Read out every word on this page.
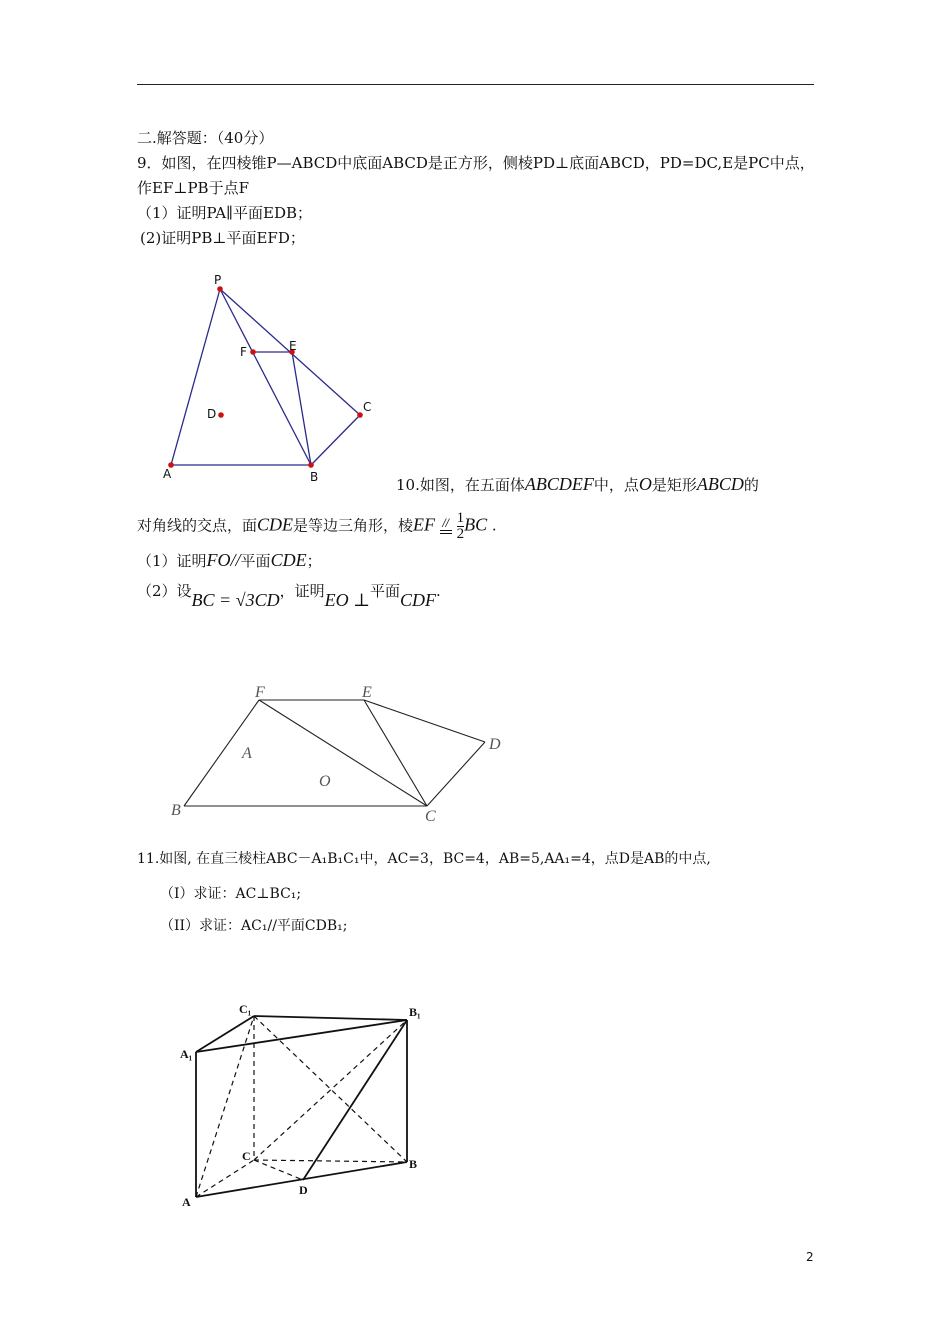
二.解答题：（40分）
9．如图，在四棱锥P—ABCD中底面ABCD是正方形，侧棱PD⊥底面ABCD，PD=DC,E是PC中点，
作EF⊥PB于点F
（1）证明PA∥平面EDB；
(2)证明PB⊥平面EFD；
P
F	E
D	C
A	B
F	E
D
A
O
B	C
C₁	B₁
A₁
C
B
A
D
10.如图，在五面体ABCDEF中，点O是矩形ABCD的
对角线的交点，面CDE是等边三角形，棱EF //
$\frac{1}{2}$ BC .
（1）证明FO//平面CDE；
（2）设BC = √3CD，证明EO ⊥平面CDF.
11.如图, 在直三棱柱ABC－A₁B₁C₁中，AC=3，BC=4，AB=5,AA₁=4，点D是AB的中点,
（I）求证：AC⊥BC₁;
（II）求证：AC₁//平面CDB₁;
2
